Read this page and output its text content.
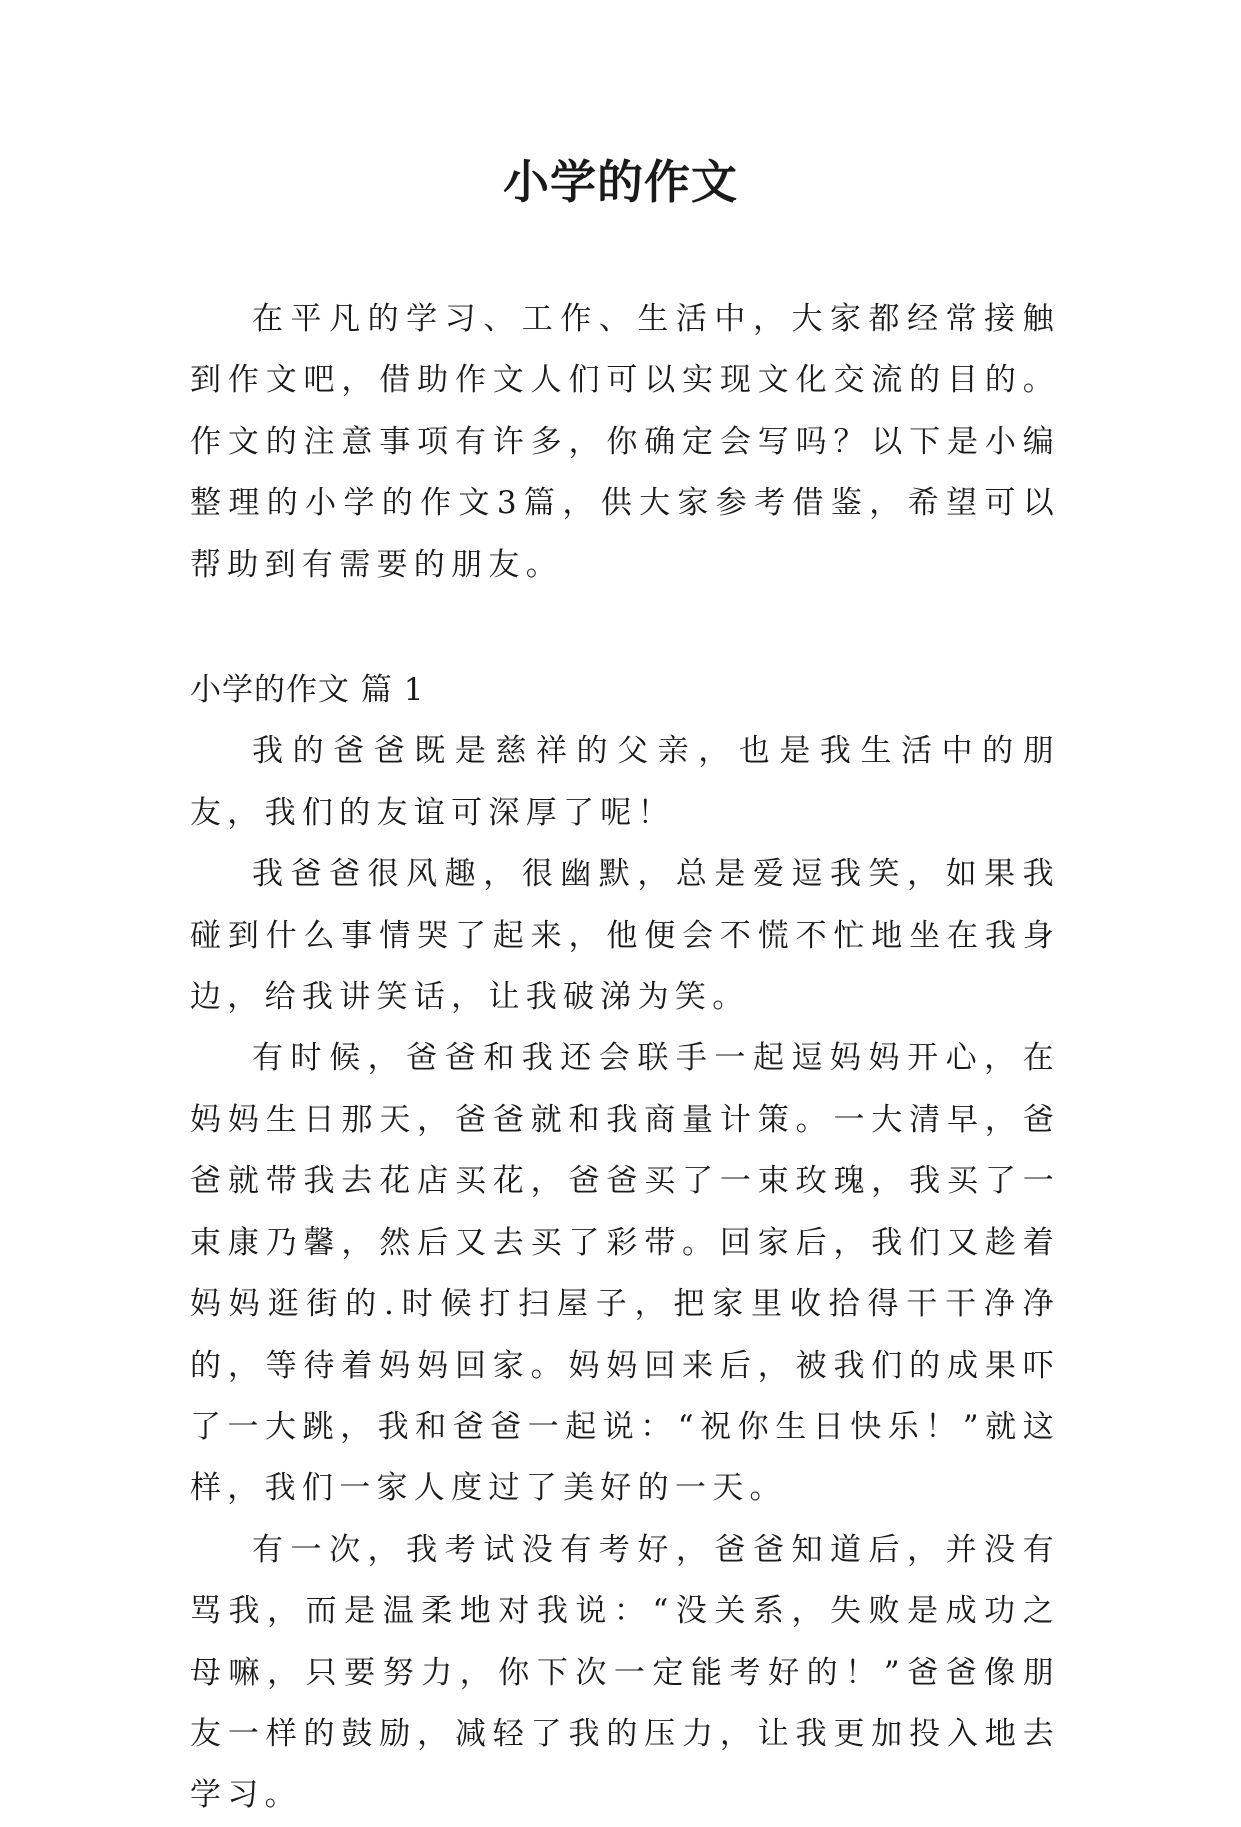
小学的作文

在平凡的学习、工作、生活中，大家都经常接触到作文吧，借助作文人们可以实现文化交流的目的。作文的注意事项有许多，你确定会写吗？以下是小编整理的小学的作文3篇，供大家参考借鉴，希望可以帮助到有需要的朋友。

小学的作文 篇 1

我的爸爸既是慈祥的父亲，也是我生活中的朋友，我们的友谊可深厚了呢！

我爸爸很风趣，很幽默，总是爱逗我笑，如果我碰到什么事情哭了起来，他便会不慌不忙地坐在我身边，给我讲笑话，让我破涕为笑。

有时候，爸爸和我还会联手一起逗妈妈开心，在妈妈生日那天，爸爸就和我商量计策。一大清早，爸爸就带我去花店买花，爸爸买了一束玫瑰，我买了一束康乃馨，然后又去买了彩带。回家后，我们又趁着妈妈逛街的.时候打扫屋子，把家里收拾得干干净净的，等待着妈妈回家。妈妈回来后，被我们的成果吓了一大跳，我和爸爸一起说：“祝你生日快乐！”就这样，我们一家人度过了美好的一天。

有一次，我考试没有考好，爸爸知道后，并没有骂我，而是温柔地对我说：“没关系，失败是成功之母嘛，只要努力，你下次一定能考好的！”爸爸像朋友一样的鼓励，减轻了我的压力，让我更加投入地去学习。
